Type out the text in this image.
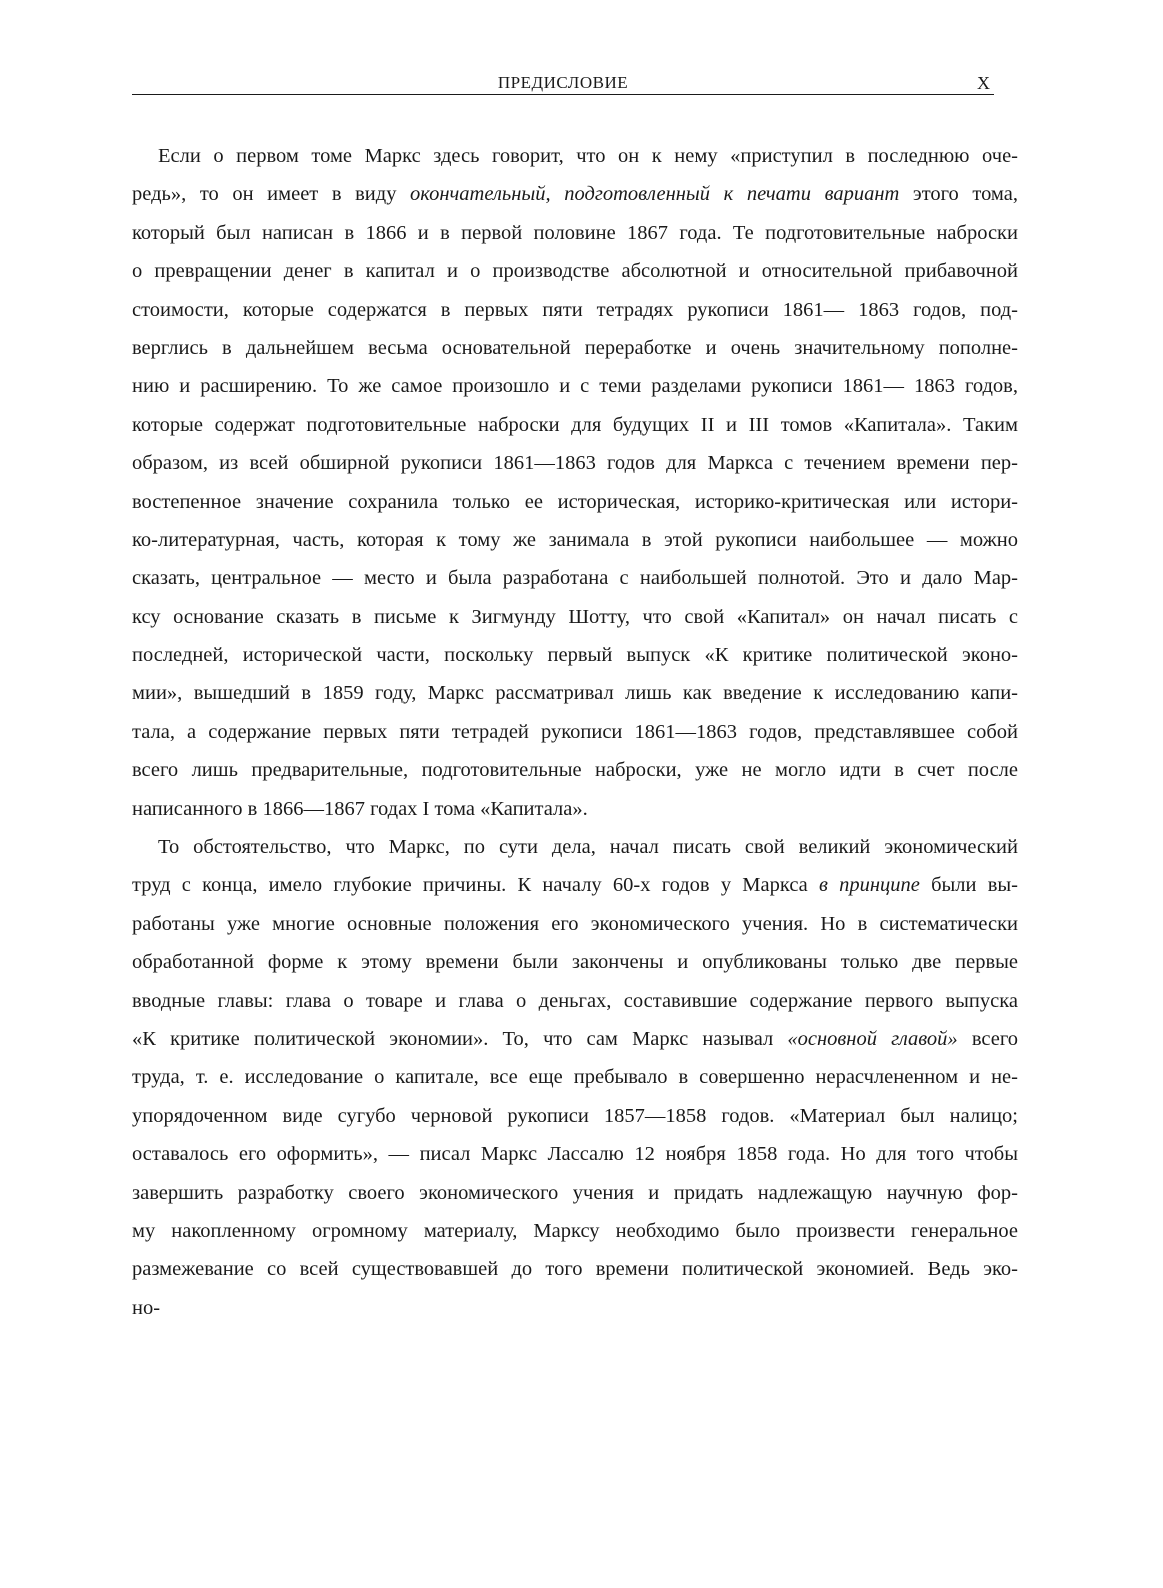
ПРЕДИСЛОВИЕ	X
Если о первом томе Маркс здесь говорит, что он к нему «приступил в последнюю оче-
редь», то он имеет в виду окончательный, подготовленный к печати вариант этого тома,
который был написан в 1866 и в первой половине 1867 года. Те подготовительные наброски
о превращении денег в капитал и о производстве абсолютной и относительной прибавочной
стоимости, которые содержатся в первых пяти тетрадях рукописи 1861— 1863 годов, под-
верглись в дальнейшем весьма основательной переработке и очень значительному пополне-
нию и расширению. То же самое произошло и с теми разделами рукописи 1861— 1863 годов,
которые содержат подготовительные наброски для будущих II и III томов «Капитала». Таким
образом, из всей обширной рукописи 1861—1863 годов для Маркса с течением времени пер-
востепенное значение сохранила только ее историческая, историко-критическая или истори-
ко-литературная, часть, которая к тому же занимала в этой рукописи наибольшее — можно
сказать, центральное — место и была разработана с наибольшей полнотой. Это и дало Мар-
ксу основание сказать в письме к Зигмунду Шотту, что свой «Капитал» он начал писать с
последней, исторической части, поскольку первый выпуск «К критике политической эконо-
мии», вышедший в 1859 году, Маркс рассматривал лишь как введение к исследованию капи-
тала, а содержание первых пяти тетрадей рукописи 1861—1863 годов, представлявшее собой
всего лишь предварительные, подготовительные наброски, уже не могло идти в счет после
написанного в 1866—1867 годах I тома «Капитала».
То обстоятельство, что Маркс, по сути дела, начал писать свой великий экономический
труд с конца, имело глубокие причины. К началу 60-х годов у Маркса в принципе были вы-
работаны уже многие основные положения его экономического учения. Но в систематически
обработанной форме к этому времени были закончены и опубликованы только две первые
вводные главы: глава о товаре и глава о деньгах, составившие содержание первого выпуска
«К критике политической экономии». То, что сам Маркс называл «основной главой» всего
труда, т. е. исследование о капитале, все еще пребывало в совершенно нерасчлененном и не-
упорядоченном виде сугубо черновой рукописи 1857—1858 годов. «Материал был налицо;
оставалось его оформить», — писал Маркс Лассалю 12 ноября 1858 года. Но для того чтобы
завершить разработку своего экономического учения и придать надлежащую научную фор-
му накопленному огромному материалу, Марксу необходимо было произвести генеральное
размежевание со всей существовавшей до того времени политической экономией. Ведь эко-
но-
